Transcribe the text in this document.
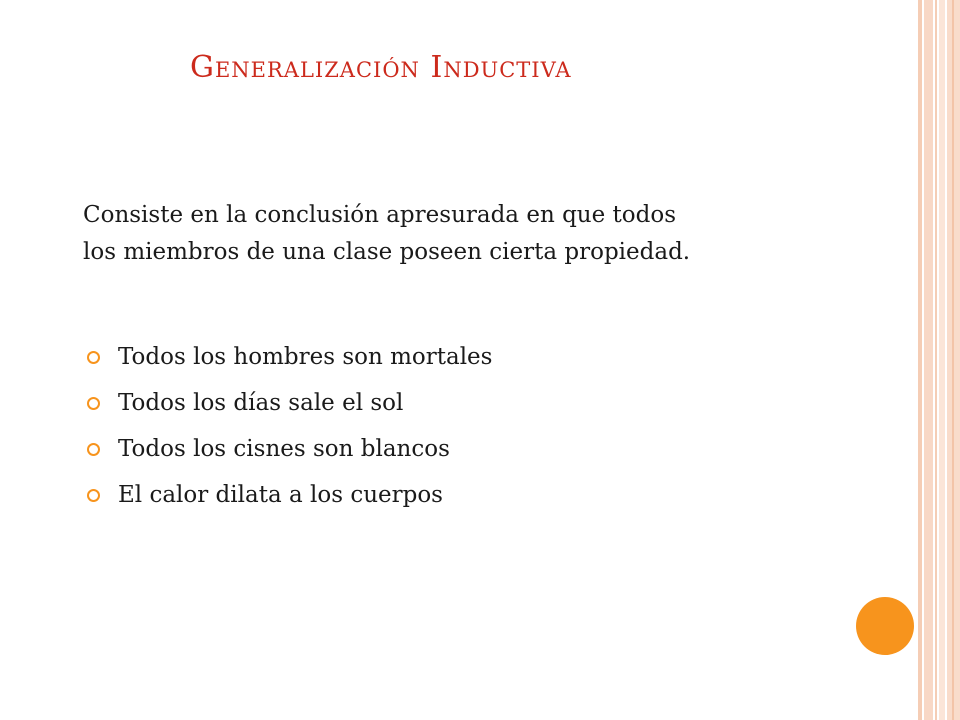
Generalización Inductiva

Consiste en la conclusión apresurada en que todos
los miembros de una clase poseen cierta propiedad.

Todos los hombres son mortales
Todos los días sale el sol
Todos los cisnes son blancos
El calor dilata a los cuerpos
